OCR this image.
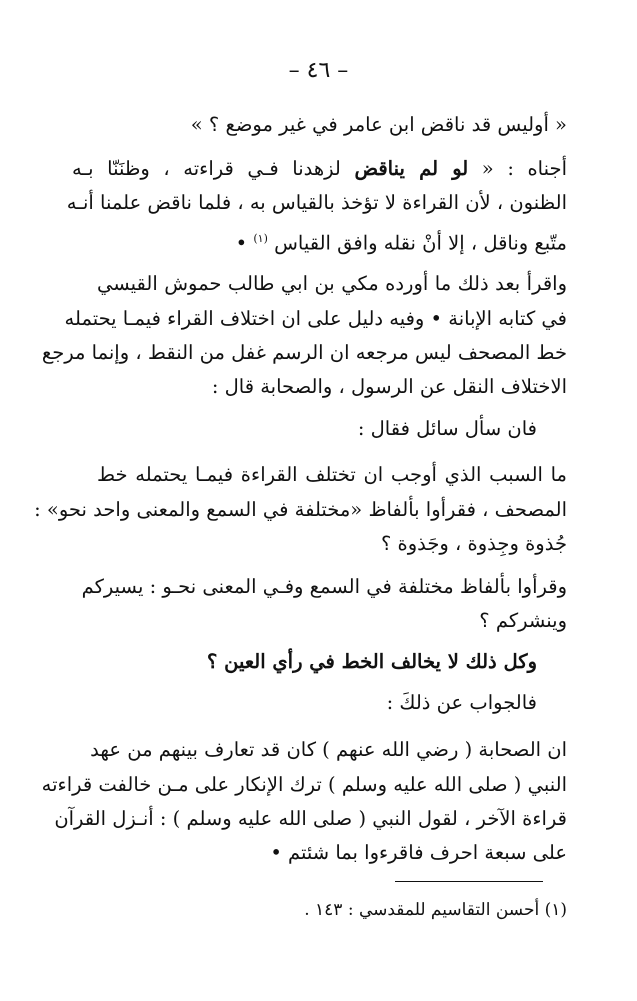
– ٤٦ –
« أوليس قد ناقض ابن عامر في غير موضع ؟ »
أجناه : « لو لم يناقض لزهدنا فـي قراءته ، وظنَنّا بـه
الظنون ، لأن القراءة لا تؤخذ بالقياس به ، فلما ناقض علمنا أنـه
متّبع وناقل ، إلا أنْ نقله وافق القياس $^{(١)}$ •
واقرأ بعد ذلك ما أورده مكي بن ابي طالب حموش القيسي
في كتابه الإبانة • وفيه دليل على ان اختلاف القراء فيمـا يحتمله
خط المصحف ليس مرجعه ان الرسم غفل من النقط ، وإنما مرجع
الاختلاف النقل عن الرسول ، والصحابة قال :
فان سأل سائل فقال :
ما السبب الذي أوجب ان تختلف القراءة فيمـا يحتمله خط
المصحف ، فقرأوا بألفاظ «مختلفة في السمع والمعنى واحد نحو» :
جُذوة وجِذوة ، وجَذوة ؟
وقرأوا بألفاظ مختلفة في السمع وفـي المعنى نحـو : يسيركم
وينشركم ؟
وكل ذلك لا يخالف الخط في رأي العين ؟
فالجواب عن ذلكَ :
ان الصحابة ( رضي الله عنهم ) كان قد تعارف بينهم من عهد
النبي ( صلى الله عليه وسلم ) ترك الإنكار على مـن خالفت قراءته
قراءة الآخر ، لقول النبي ( صلى الله عليه وسلم ) : أنـزل القرآن
على سبعة احرف فاقرءوا بما شئتم •
(١) أحسن التقاسيم للمقدسي : ١٤٣ .
